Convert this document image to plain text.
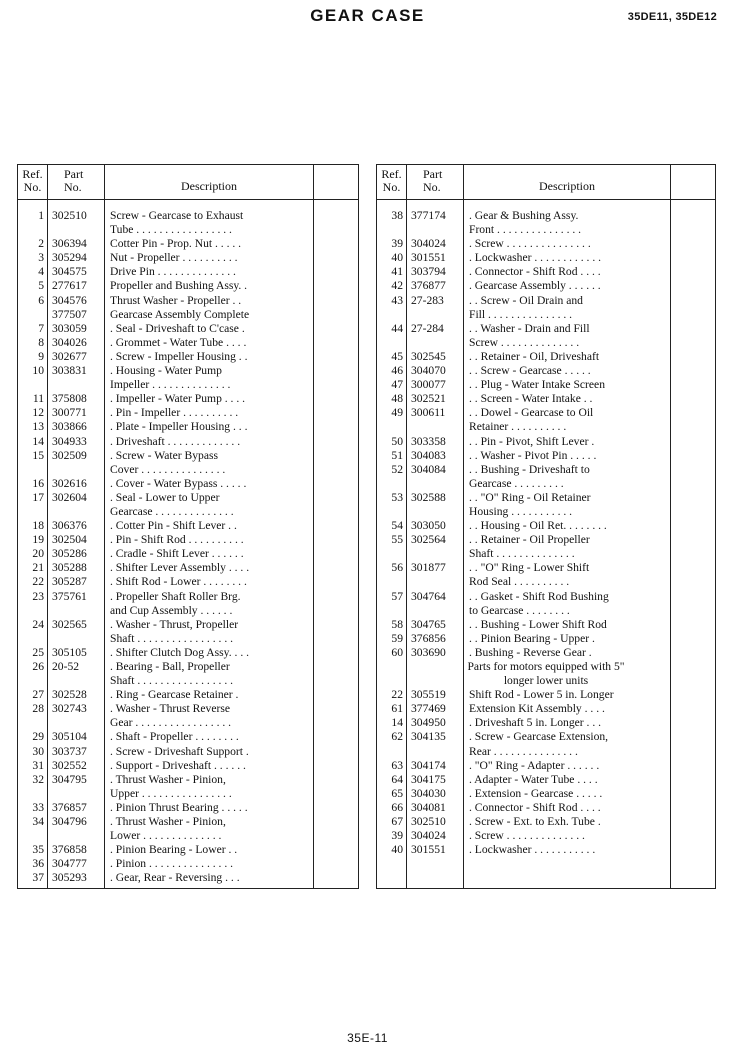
GEAR CASE	35DE11, 35DE12
Ref.
No.
Part
No.	Description
1 302510 Screw - Gearcase to Exhaust
Tube . . . . . . . . . . . . . . . . .
2 306394 Cotter Pin - Prop. Nut . . . . .
3 305294 Nut - Propeller . . . . . . . . . .
4 304575 Drive Pin . . . . . . . . . . . . . .
5 277617 Propeller and Bushing Assy. .
6 304576 Thrust Washer - Propeller . .
377507 Gearcase Assembly Complete
7 303059 . Seal - Driveshaft to C'case .
8 304026 . Grommet - Water Tube . . . .
9 302677 . Screw - Impeller Housing . .
10 303831 . Housing - Water Pump
Impeller . . . . . . . . . . . . . .
11 375808 . Impeller - Water Pump . . . .
12 300771 . Pin - Impeller . . . . . . . . . .
13 303866 . Plate - Impeller Housing . . .
14 304933 . Driveshaft . . . . . . . . . . . . .
15 302509 . Screw - Water Bypass
Cover . . . . . . . . . . . . . . .
16 302616 . Cover - Water Bypass . . . . .
17 302604 . Seal - Lower to Upper
Gearcase . . . . . . . . . . . . . .
18 306376 . Cotter Pin - Shift Lever . .
19 302504 . Pin - Shift Rod . . . . . . . . . .
20 305286 . Cradle - Shift Lever . . . . . .
21 305288 . Shifter Lever Assembly . . . .
22 305287 . Shift Rod - Lower . . . . . . . .
23 375761 . Propeller Shaft Roller Brg.
and Cup Assembly . . . . . .
24 302565 . Washer - Thrust, Propeller
Shaft . . . . . . . . . . . . . . . . .
25 305105 . Shifter Clutch Dog Assy. . . .
26 20-52	. Bearing - Ball, Propeller
Shaft . . . . . . . . . . . . . . . . .
27 302528 . Ring - Gearcase Retainer .
28 302743 . Washer - Thrust Reverse
Gear . . . . . . . . . . . . . . . . .
29 305104 . Shaft - Propeller . . . . . . . .
30 303737 . Screw - Driveshaft Support .
31 302552 . Support - Driveshaft . . . . . .
32 304795 . Thrust Washer - Pinion,
Upper . . . . . . . . . . . . . . . .
33 376857 . Pinion Thrust Bearing . . . . .
34 304796 . Thrust Washer - Pinion,
Lower . . . . . . . . . . . . . .
35 376858 . Pinion Bearing - Lower . .
36 304777 . Pinion . . . . . . . . . . . . . . .
37 305293 . Gear, Rear - Reversing . . .
Ref.
No.
Part
No.	Description
38 377174 . Gear & Bushing Assy.
Front . . . . . . . . . . . . . . .
39 304024 . Screw . . . . . . . . . . . . . . .
40 301551 . Lockwasher . . . . . . . . . . . .
41 303794 . Connector - Shift Rod . . . .
42 376877 . Gearcase Assembly . . . . . .
43 27-283 . . Screw - Oil Drain and
Fill . . . . . . . . . . . . . . .
44 27-284 . . Washer - Drain and Fill
Screw . . . . . . . . . . . . . .
45 302545 . . Retainer - Oil, Driveshaft
46 304070 . . Screw - Gearcase . . . . .
47 300077 . . Plug - Water Intake Screen
48 302521 . . Screen - Water Intake . .
49 300611 . . Dowel - Gearcase to Oil
Retainer . . . . . . . . . .
50 303358 . . Pin - Pivot, Shift Lever .
51 304083 . . Washer - Pivot Pin . . . . .
52 304084 . . Bushing - Driveshaft to
Gearcase . . . . . . . . .
53 302588 . . "O" Ring - Oil Retainer
Housing . . . . . . . . . . .
54 303050 . . Housing - Oil Ret. . . . . . . .
55 302564 . . Retainer - Oil Propeller
Shaft . . . . . . . . . . . . . .
56 301877 . . "O" Ring - Lower Shift
Rod Seal . . . . . . . . . .
57 304764 . . Gasket - Shift Rod Bushing
to Gearcase . . . . . . . .
58 304765 . . Bushing - Lower Shift Rod
59 376856 . . Pinion Bearing - Upper .
60 303690 . Bushing - Reverse Gear .
Parts for motors equipped with 5"
longer lower units
22 305519 Shift Rod - Lower 5 in. Longer
61 377469 Extension Kit Assembly . . . .
14 304950 . Driveshaft 5 in. Longer . . .
62 304135 . Screw - Gearcase Extension,
Rear . . . . . . . . . . . . . . .
63 304174 . "O" Ring - Adapter . . . . . .
64 304175 . Adapter - Water Tube . . . .
65 304030 . Extension - Gearcase . . . . .
66 304081 . Connector - Shift Rod . . . .
67 302510 . Screw - Ext. to Exh. Tube .
39 304024 . Screw . . . . . . . . . . . . . .
40 301551 . Lockwasher . . . . . . . . . . .
35E-11
